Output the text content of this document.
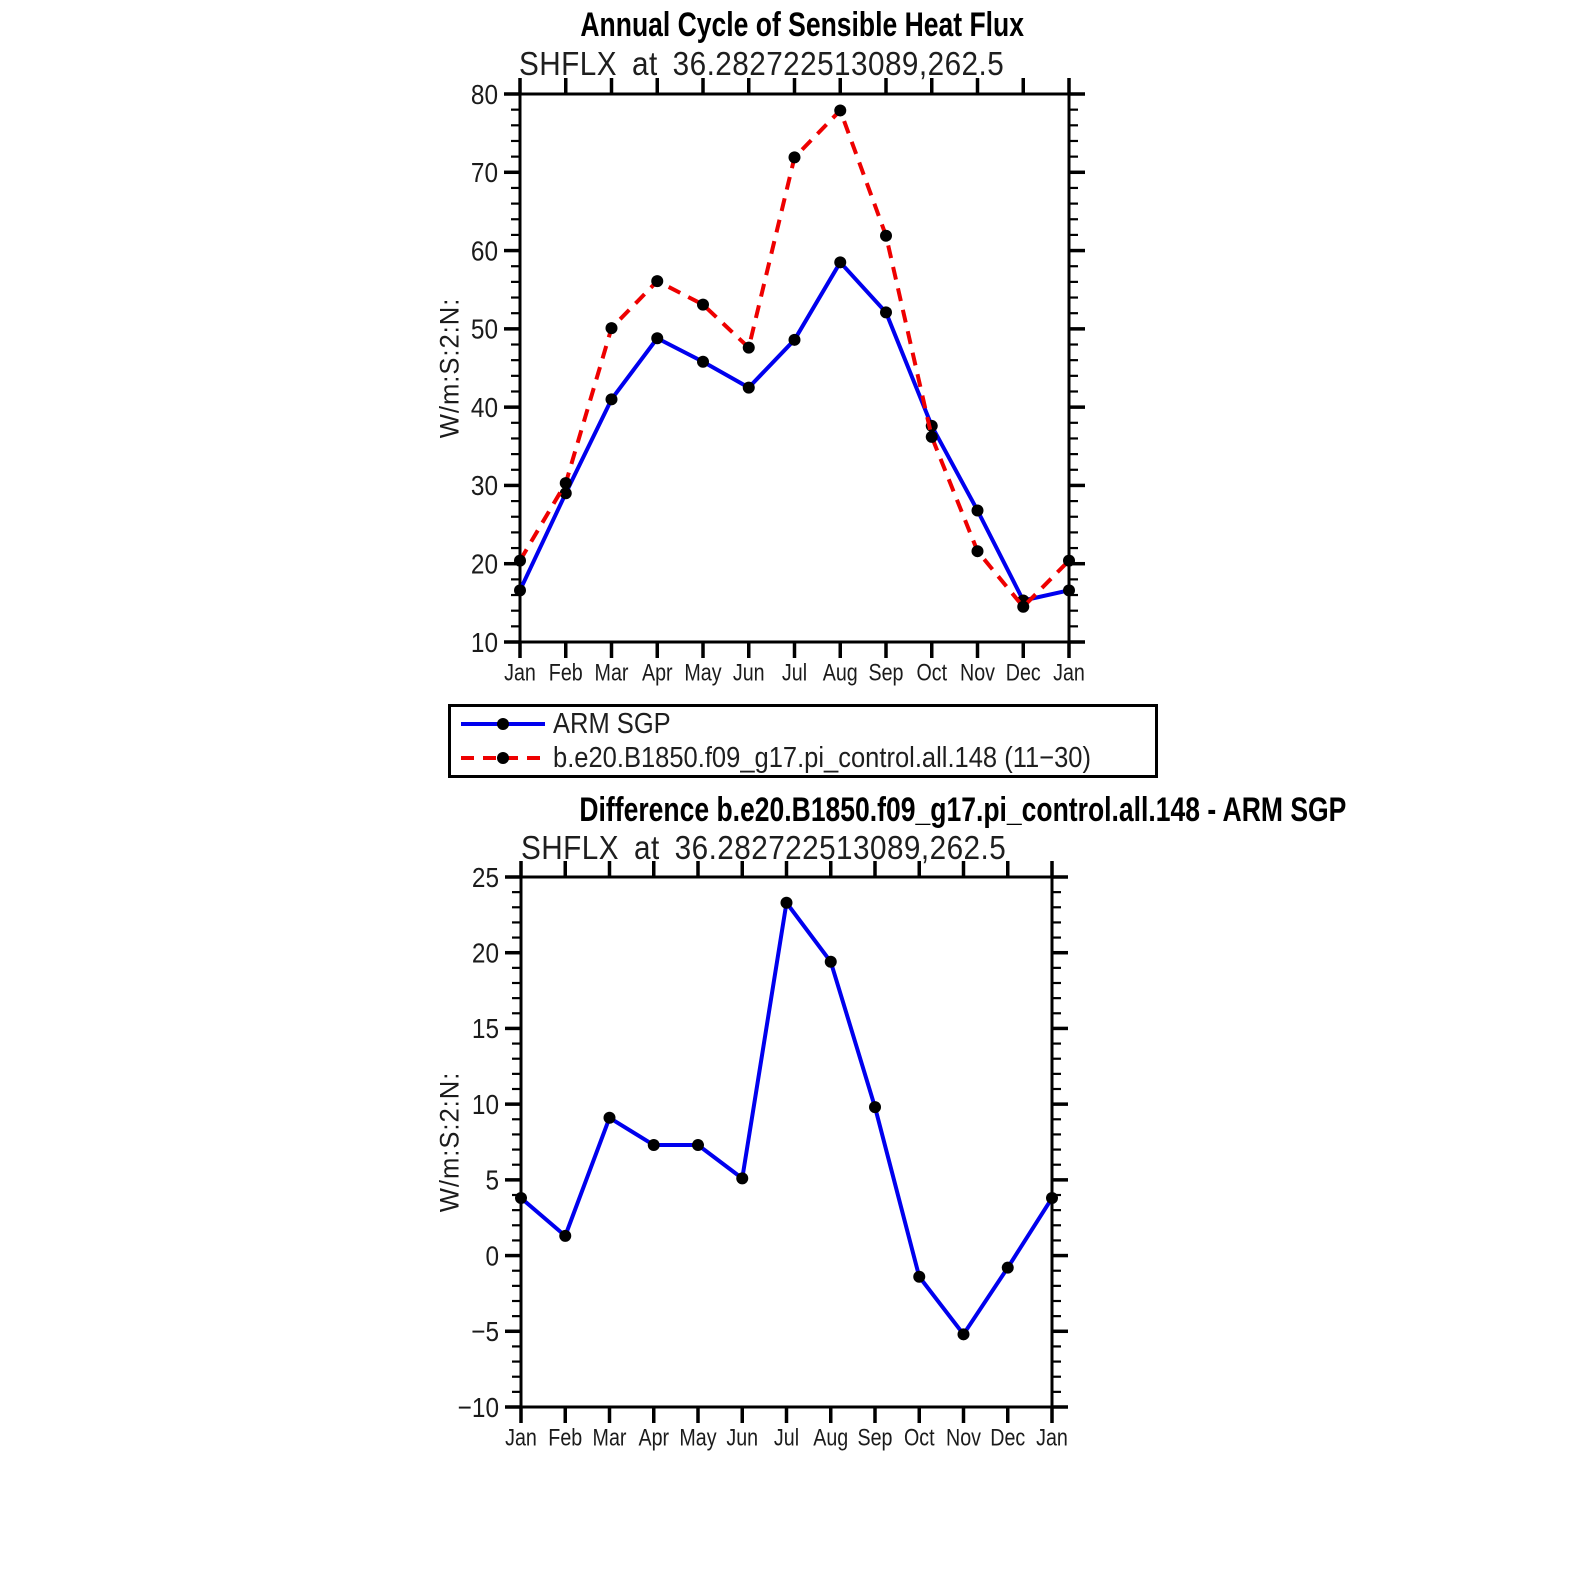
80
70
60
50
40
30
20
10
Jan Feb Mar Apr May Jun Jul Aug Sep Oct Nov Dec Jan
W/m:S:2:N:
25
20
15
10
5
0
−5
−10
Jan Feb Mar Apr May Jun Jul Aug Sep Oct Nov Dec Jan
W/m:S:2:N:
Annual Cycle of Sensible Heat Flux
SHFLX at 36.282722513089,262.5
ARM SGP
b.e20.B1850.f09_g17.pi_control.all.148 (11−30)
Difference b.e20.B1850.f09_g17.pi_control.all.148 - ARM SGP
SHFLX at 36.282722513089,262.5
